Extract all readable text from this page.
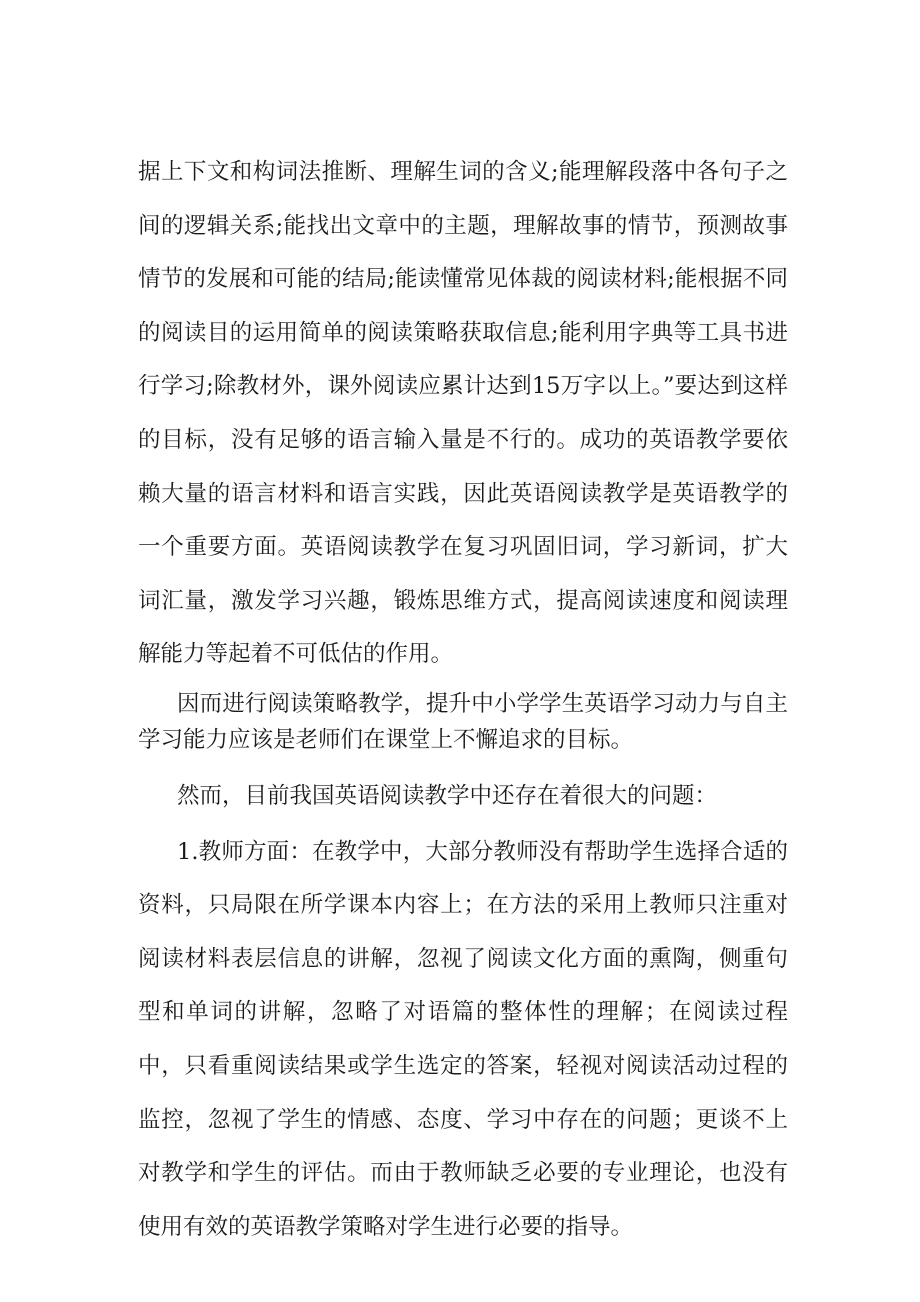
据上下文和构词法推断、理解生词的含义;能理解段落中各句子之间的逻辑关系;能找出文章中的主题，理解故事的情节，预测故事情节的发展和可能的结局;能读懂常见体裁的阅读材料;能根据不同的阅读目的运用简单的阅读策略获取信息;能利用字典等工具书进行学习;除教材外，课外阅读应累计达到15万字以上。”要达到这样的目标，没有足够的语言输入量是不行的。成功的英语教学要依赖大量的语言材料和语言实践，因此英语阅读教学是英语教学的一个重要方面。英语阅读教学在复习巩固旧词，学习新词，扩大词汇量，激发学习兴趣，锻炼思维方式，提高阅读速度和阅读理解能力等起着不可低估的作用。

因而进行阅读策略教学，提升中小学学生英语学习动力与自主学习能力应该是老师们在课堂上不懈追求的目标。

然而，目前我国英语阅读教学中还存在着很大的问题：

1.教师方面：在教学中，大部分教师没有帮助学生选择合适的资料，只局限在所学课本内容上；在方法的采用上教师只注重对阅读材料表层信息的讲解，忽视了阅读文化方面的熏陶，侧重句型和单词的讲解，忽略了对语篇的整体性的理解；在阅读过程中，只看重阅读结果或学生选定的答案，轻视对阅读活动过程的监控，忽视了学生的情感、态度、学习中存在的问题；更谈不上对教学和学生的评估。而由于教师缺乏必要的专业理论，也没有使用有效的英语教学策略对学生进行必要的指导。
